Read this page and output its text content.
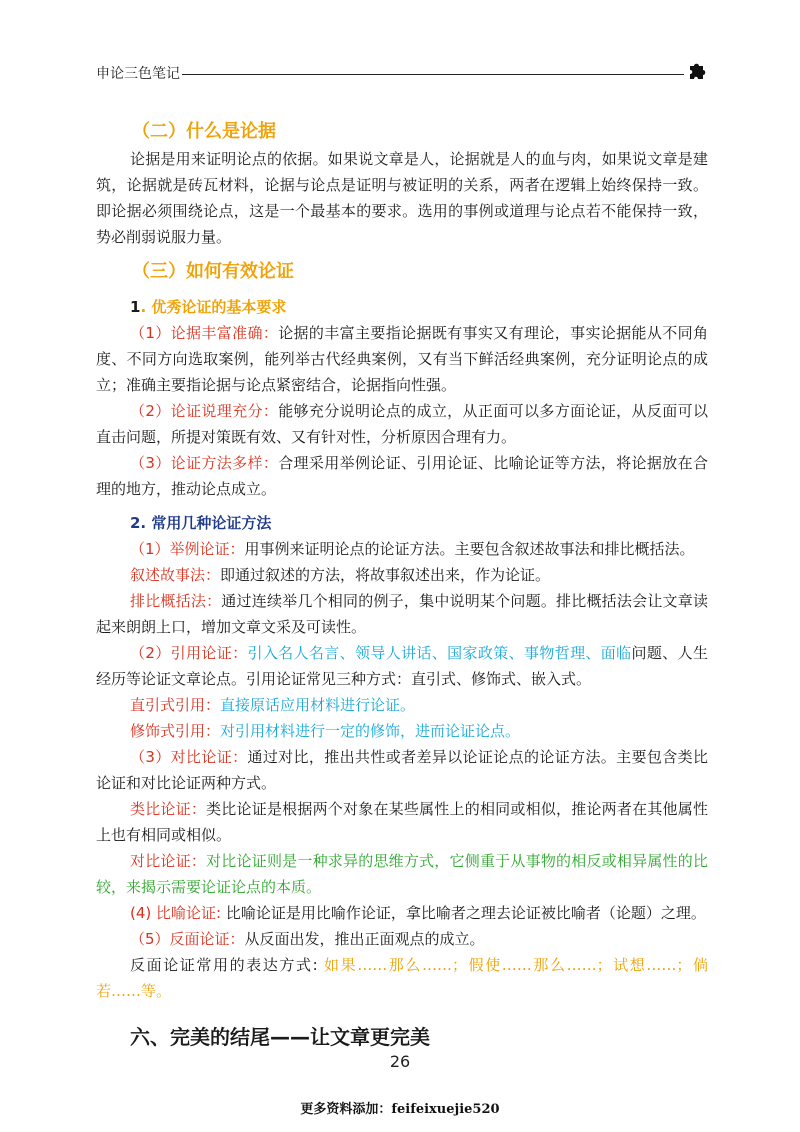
申论三色笔记
（二）什么是论据

论据是用来证明论点的依据。如果说文章是人，论据就是人的血与肉，如果说文章是建筑，论据就是砖瓦材料，论据与论点是证明与被证明的关系，两者在逻辑上始终保持一致。即论据必须围绕论点，这是一个最基本的要求。选用的事例或道理与论点若不能保持一致，势必削弱说服力量。

（三）如何有效论证
1. 优秀论证的基本要求

（1）论据丰富准确：论据的丰富主要指论据既有事实又有理论，事实论据能从不同角度、不同方向选取案例，能列举古代经典案例，又有当下鲜活经典案例，充分证明论点的成立；准确主要指论据与论点紧密结合，论据指向性强。

（2）论证说理充分：能够充分说明论点的成立，从正面可以多方面论证，从反面可以直击问题，所提对策既有效、又有针对性，分析原因合理有力。

（3）论证方法多样：合理采用举例论证、引用论证、比喻论证等方法，将论据放在合理的地方，推动论点成立。

2. 常用几种论证方法

（1）举例论证：用事例来证明论点的论证方法。主要包含叙述故事法和排比概括法。

叙述故事法：即通过叙述的方法，将故事叙述出来，作为论证。

排比概括法：通过连续举几个相同的例子，集中说明某个问题。排比概括法会让文章读起来朗朗上口，增加文章文采及可读性。

（2）引用论证：引入名人名言、领导人讲话、国家政策、事物哲理、面临问题、人生经历等论证文章论点。引用论证常见三种方式：直引式、修饰式、嵌入式。

直引式引用：直接原话应用材料进行论证。

修饰式引用：对引用材料进行一定的修饰，进而论证论点。

（3）对比论证：通过对比，推出共性或者差异以论证论点的论证方法。主要包含类比论证和对比论证两种方式。

类比论证：类比论证是根据两个对象在某些属性上的相同或相似，推论两者在其他属性上也有相同或相似。

对比论证：对比论证则是一种求异的思维方式，它侧重于从事物的相反或相异属性的比较，来揭示需要论证论点的本质。

(4) 比喻论证: 比喻论证是用比喻作论证，拿比喻者之理去论证被比喻者（论题）之理。

（5）反面论证：从反面出发，推出正面观点的成立。

反面论证常用的表达方式: 如果……那么……；假使……那么……；试想……；倘若……等。

六、完美的结尾——让文章更完美
26
更多资料添加：feifeixuejie520
